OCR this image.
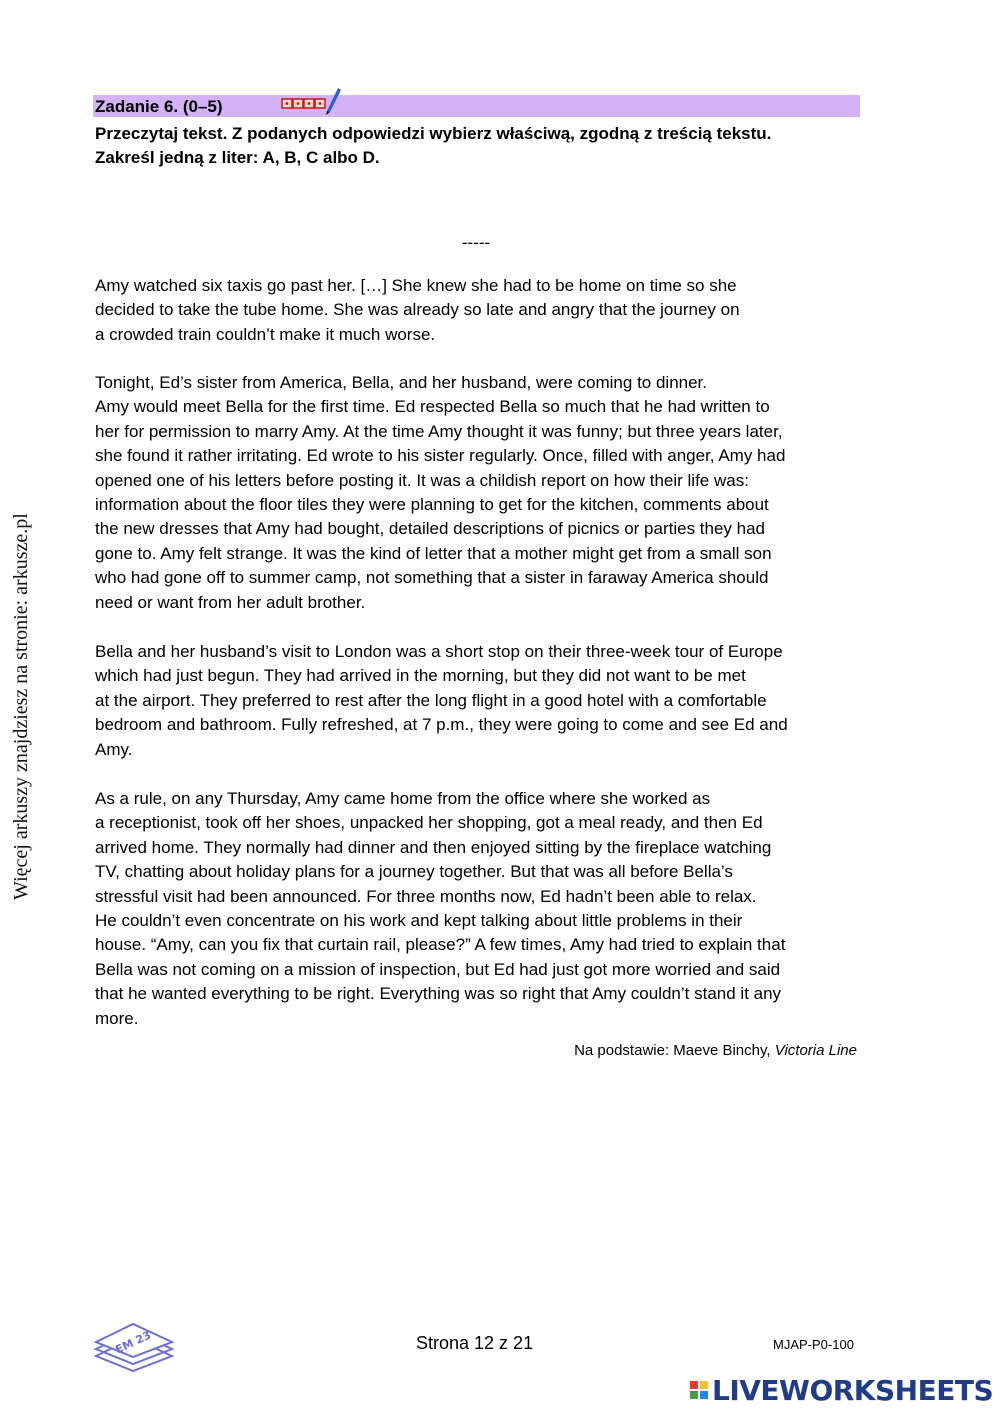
Więcej arkuszy znajdziesz na stronie: arkusze.pl
Zadanie 6. (0–5)
Przeczytaj tekst. Z podanych odpowiedzi wybierz właściwą, zgodną z treścią tekstu.
Zakreśl jedną z liter: A, B, C albo D.
-----
Amy watched six taxis go past her. […] She knew she had to be home on time so she
decided to take the tube home. She was already so late and angry that the journey on
a crowded train couldn’t make it much worse.
Tonight, Ed’s sister from America, Bella, and her husband, were coming to dinner.
Amy would meet Bella for the first time. Ed respected Bella so much that he had written to
her for permission to marry Amy. At the time Amy thought it was funny; but three years later,
she found it rather irritating. Ed wrote to his sister regularly. Once, filled with anger, Amy had
opened one of his letters before posting it. It was a childish report on how their life was:
information about the floor tiles they were planning to get for the kitchen, comments about
the new dresses that Amy had bought, detailed descriptions of picnics or parties they had
gone to. Amy felt strange. It was the kind of letter that a mother might get from a small son
who had gone off to summer camp, not something that a sister in faraway America should
need or want from her adult brother.
Bella and her husband’s visit to London was a short stop on their three-week tour of Europe
which had just begun. They had arrived in the morning, but they did not want to be met
at the airport. They preferred to rest after the long flight in a good hotel with a comfortable
bedroom and bathroom. Fully refreshed, at 7 p.m., they were going to come and see Ed and
Amy.
As a rule, on any Thursday, Amy came home from the office where she worked as
a receptionist, took off her shoes, unpacked her shopping, got a meal ready, and then Ed
arrived home. They normally had dinner and then enjoyed sitting by the fireplace watching
TV, chatting about holiday plans for a journey together. But that was all before Bella’s
stressful visit had been announced. For three months now, Ed hadn’t been able to relax.
He couldn’t even concentrate on his work and kept talking about little problems in their
house. “Amy, can you fix that curtain rail, please?” A few times, Amy had tried to explain that
Bella was not coming on a mission of inspection, but Ed had just got more worried and said
that he wanted everything to be right. Everything was so right that Amy couldn’t stand it any
more.
Na podstawie: Maeve Binchy, Victoria Line
EM 23	Strona 12 z 21	MJAP-P0-100
LIVEWORKSHEETS
